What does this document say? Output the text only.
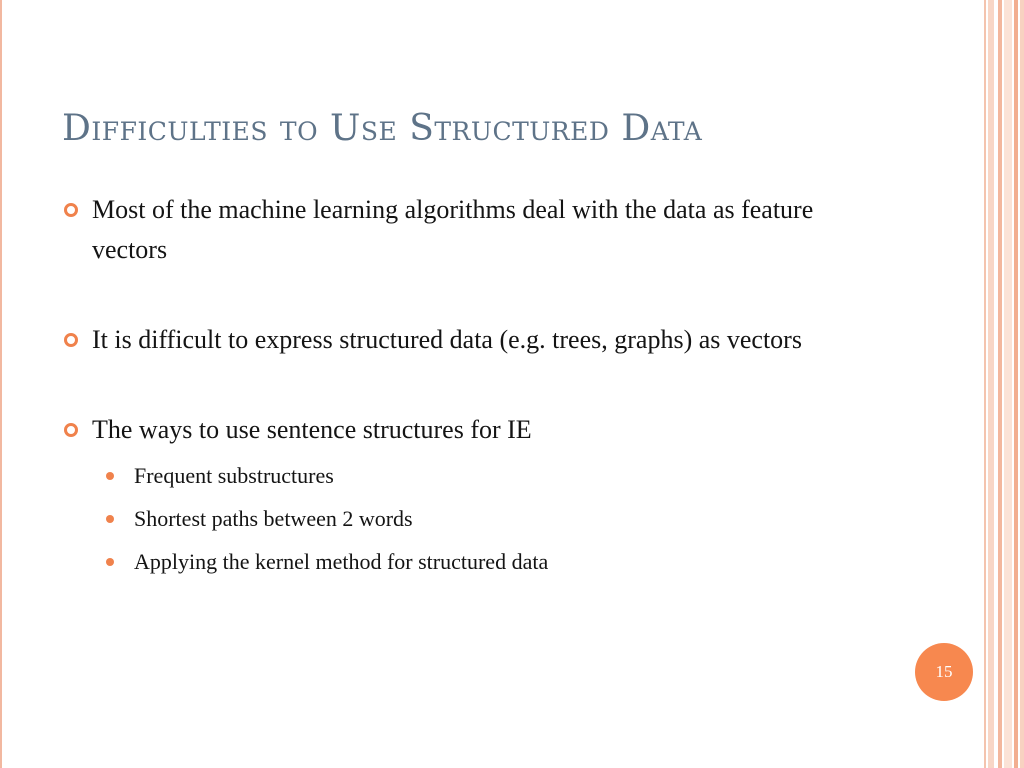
Difficulties to Use Structured Data
Most of the machine learning algorithms deal with the data as feature vectors
It is difficult to express structured data (e.g. trees, graphs) as vectors
The ways to use sentence structures for IE
Frequent substructures
Shortest paths between 2 words
Applying the kernel method for structured data
15
